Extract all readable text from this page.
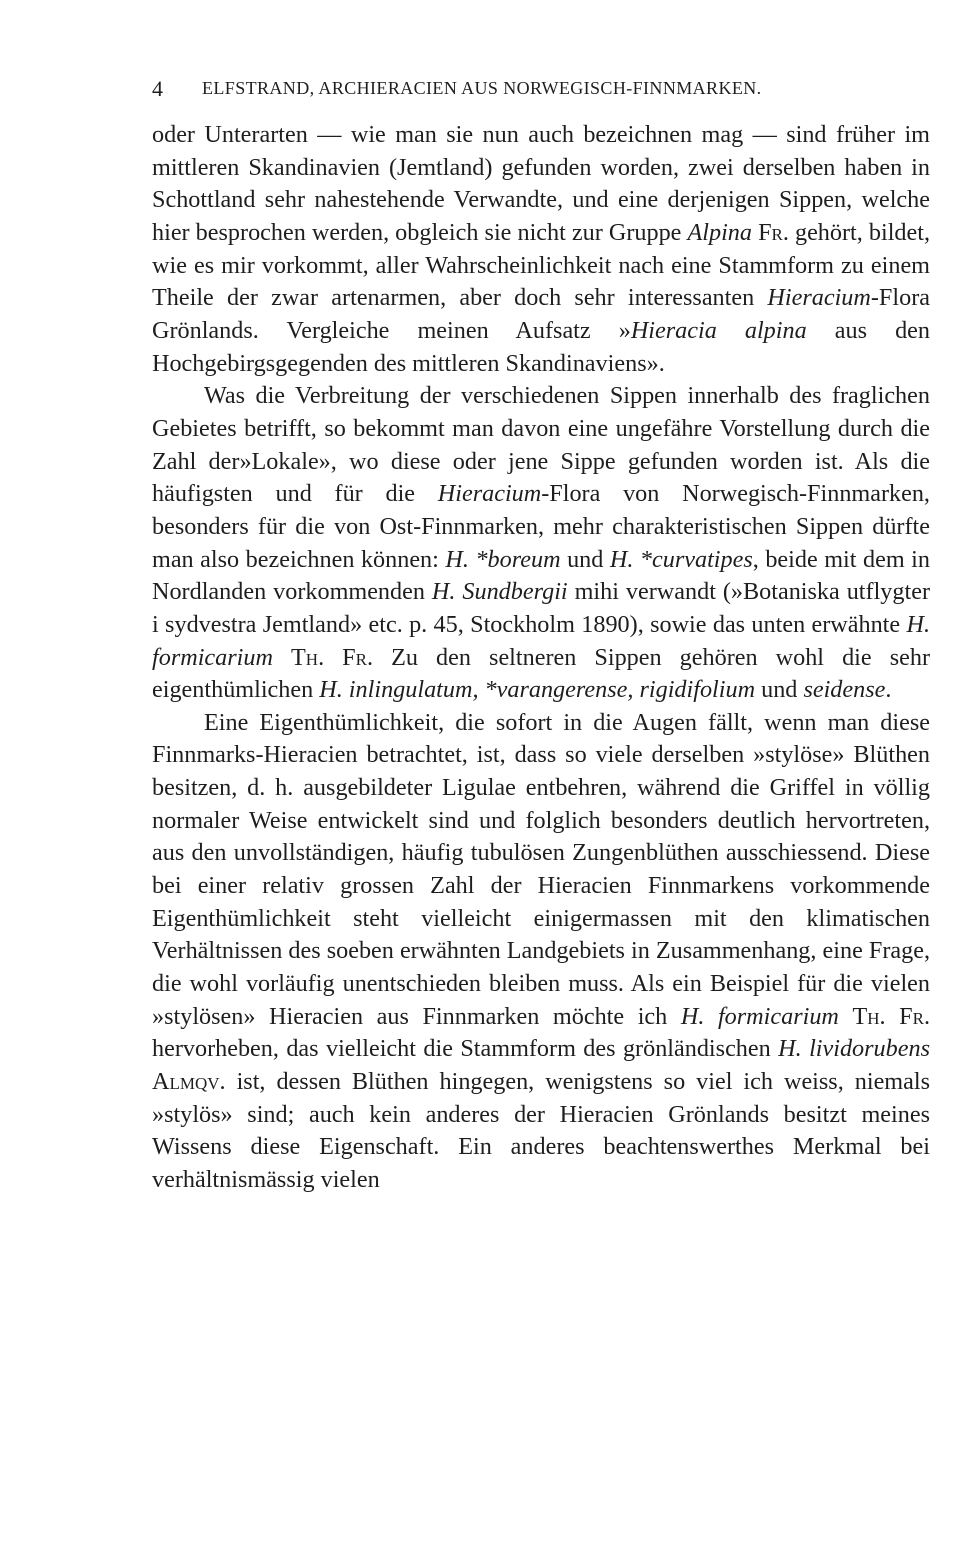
4 ELFSTRAND, ARCHIERACIEN AUS NORWEGISCH-FINNMARKEN.

oder Unterarten — wie man sie nun auch bezeichnen mag — sind früher im mittleren Skandinavien (Jemtland) gefunden worden, zwei derselben haben in Schottland sehr nahestehende Verwandte, und eine derjenigen Sippen, welche hier besprochen werden, obgleich sie nicht zur Gruppe Alpina Fr. gehört, bildet, wie es mir vorkommt, aller Wahrscheinlichkeit nach eine Stammform zu einem Theile der zwar artenarmen, aber doch sehr interessanten Hieracium-Flora Grönlands. Vergleiche meinen Aufsatz »Hieracia alpina aus den Hochgebirgsgegenden des mittleren Skandinaviens».

Was die Verbreitung der verschiedenen Sippen innerhalb des fraglichen Gebietes betrifft, so bekommt man davon eine ungefähre Vorstellung durch die Zahl der»Lokale», wo diese oder jene Sippe gefunden worden ist. Als die häufigsten und für die Hieracium-Flora von Norwegisch-Finnmarken, besonders für die von Ost-Finnmarken, mehr charakteristischen Sippen dürfte man also bezeichnen können: H. *boreum und H. *curvatipes, beide mit dem in Nordlanden vorkommenden H. Sundbergii mihi verwandt (»Botaniska utflygter i sydvestra Jemtland» etc. p. 45, Stockholm 1890), sowie das unten erwähnte H. formicarium Th. Fr. Zu den seltneren Sippen gehören wohl die sehr eigenthümlichen H. inlingulatum, *varangerense, rigidifolium und seidense.

Eine Eigenthümlichkeit, die sofort in die Augen fällt, wenn man diese Finnmarks-Hieracien betrachtet, ist, dass so viele derselben »stylöse» Blüthen besitzen, d. h. ausgebildeter Ligulae entbehren, während die Griffel in völlig normaler Weise entwickelt sind und folglich besonders deutlich hervortreten, aus den unvollständigen, häufig tubulösen Zungenblüthen ausschiessend. Diese bei einer relativ grossen Zahl der Hieracien Finnmarkens vorkommende Eigenthümlichkeit steht vielleicht einigermassen mit den klimatischen Verhältnissen des soeben erwähnten Landgebiets in Zusammenhang, eine Frage, die wohl vorläufig unentschieden bleiben muss. Als ein Beispiel für die vielen »stylösen» Hieracien aus Finnmarken möchte ich H. formicarium Th. Fr. hervorheben, das vielleicht die Stammform des grönländischen H. lividorubens Almqv. ist, dessen Blüthen hingegen, wenigstens so viel ich weiss, niemals »stylös» sind; auch kein anderes der Hieracien Grönlands besitzt meines Wissens diese Eigenschaft. Ein anderes beachtenswerthes Merkmal bei verhältnismässig vielen
